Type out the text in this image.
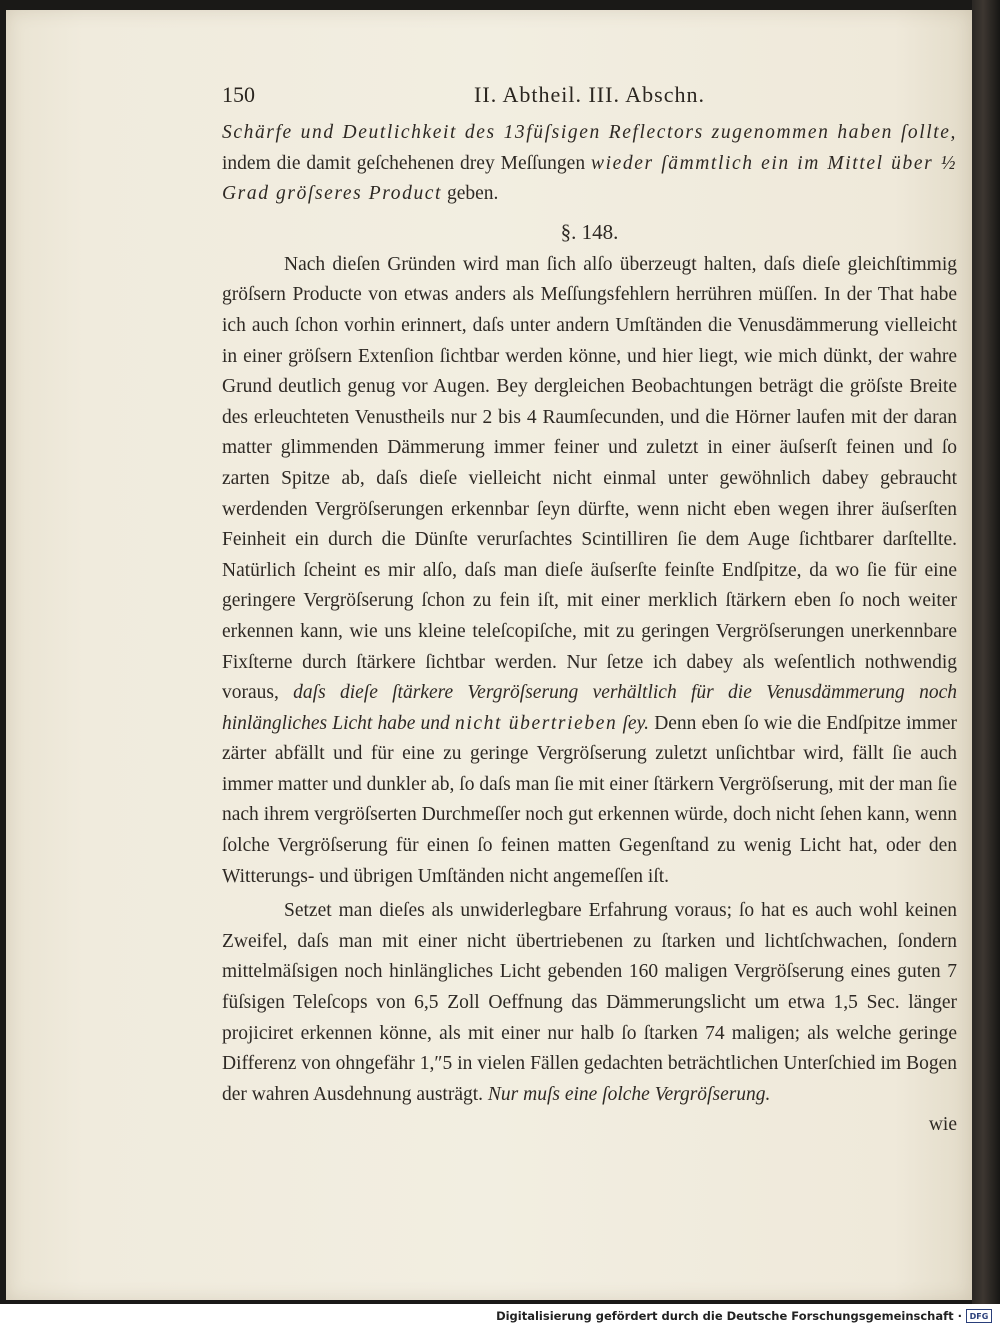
150	II. Abtheil. III. Abschn.

Schärfe und Deutlichkeit des 13füſsigen Reflectors zugenommen haben ſollte, indem die damit geſchehenen drey Meſſungen wieder ſämmtlich ein im Mittel über ½ Grad gröſseres Product geben.

§. 148.

Nach dieſen Gründen wird man ſich alſo überzeugt halten, daſs dieſe gleichſtimmig gröſsern Producte von etwas anders als Meſſungsfehlern herrühren müſſen. In der That habe ich auch ſchon vorhin erinnert, daſs unter andern Umſtänden die Venusdämmerung vielleicht in einer gröſsern Extenſion ſichtbar werden könne, und hier liegt, wie mich dünkt, der wahre Grund deutlich genug vor Augen. Bey dergleichen Beobachtungen beträgt die gröſste Breite des erleuchteten Venustheils nur 2 bis 4 Raumſecunden, und die Hörner laufen mit der daran matter glimmenden Dämmerung immer feiner und zuletzt in einer äuſserſt feinen und ſo zarten Spitze ab, daſs dieſe vielleicht nicht einmal unter gewöhnlich dabey gebraucht werdenden Vergröſserungen erkennbar ſeyn dürfte, wenn nicht eben wegen ihrer äuſserſten Feinheit ein durch die Dünſte verurſachtes Scintilliren ſie dem Auge ſichtbarer darſtellte. Natürlich ſcheint es mir alſo, daſs man dieſe äuſserſte feinſte Endſpitze, da wo ſie für eine geringere Vergröſserung ſchon zu fein iſt, mit einer merklich ſtärkern eben ſo noch weiter erkennen kann, wie uns kleine teleſcopiſche, mit zu geringen Vergröſserungen unerkennbare Fixſterne durch ſtärkere ſichtbar werden. Nur ſetze ich dabey als weſentlich nothwendig voraus, daſs dieſe ſtärkere Vergröſserung verhältlich für die Venusdämmerung noch hinlängliches Licht habe und nicht übertrieben ſey. Denn eben ſo wie die Endſpitze immer zärter abfällt und für eine zu geringe Vergröſserung zuletzt unſichtbar wird, fällt ſie auch immer matter und dunkler ab, ſo daſs man ſie mit einer ſtärkern Vergröſserung, mit der man ſie nach ihrem vergröſserten Durchmeſſer noch gut erkennen würde, doch nicht ſehen kann, wenn ſolche Vergröſserung für einen ſo feinen matten Gegenſtand zu wenig Licht hat, oder den Witterungs- und übrigen Umſtänden nicht angemeſſen iſt.

Setzet man dieſes als unwiderlegbare Erfahrung voraus; ſo hat es auch wohl keinen Zweifel, daſs man mit einer nicht übertriebenen zu ſtarken und lichtſchwachen, ſondern mittelmäſsigen noch hinlängliches Licht gebenden 160 maligen Vergröſserung eines guten 7 füſsigen Teleſcops von 6,5 Zoll Oeffnung das Dämmerungslicht um etwa 1,5 Sec. länger projiciret erkennen könne, als mit einer nur halb ſo ſtarken 74 maligen; als welche geringe Differenz von ohngefähr 1,″5 in vielen Fällen gedachten beträchtlichen Unterſchied im Bogen der wahren Ausdehnung austrägt. Nur muſs eine ſolche Vergröſserung.

wie

Digitalisierung gefördert durch die Deutsche Forschungsgemeinschaft · DFG
